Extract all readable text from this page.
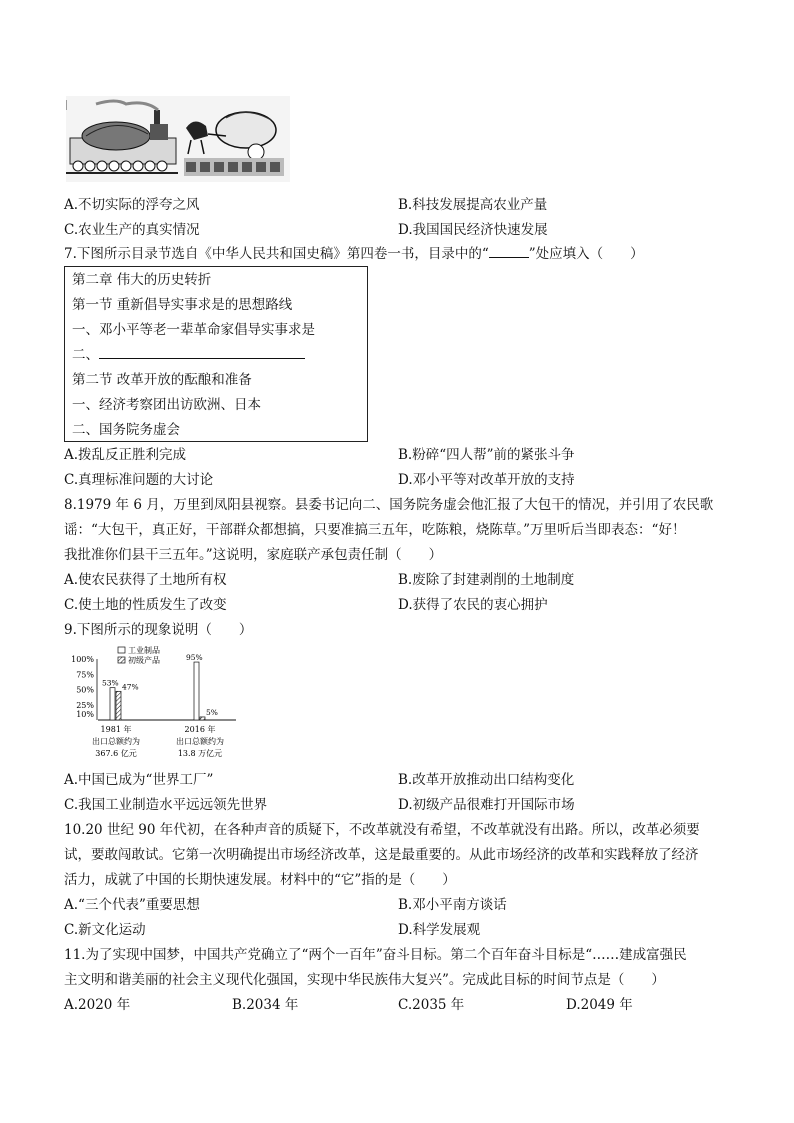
A.不切实际的浮夸之风	B.科技发展提高农业产量
C.农业生产的真实情况	D.我国国民经济快速发展
7.下图所示目录节选自《中华人民共和国史稿》第四卷一书，目录中的“	”处应填入（　　）
第二章 伟大的历史转折
第一节 重新倡导实事求是的思想路线
一、邓小平等老一辈革命家倡导实事求是
二、
第二节 改革开放的酝酿和准备
一、经济考察团出访欧洲、日本
二、国务院务虚会
A.拨乱反正胜利完成	B.粉碎“四人帮”前的紧张斗争
C.真理标准问题的大讨论	D.邓小平等对改革开放的支持
8.1979 年 6 月，万里到凤阳县视察。县委书记向二、国务院务虚会他汇报了大包干的情况，并引用了农民歌
谣：“大包干，真正好，干部群众都想搞，只要准搞三五年，吃陈粮，烧陈草。”万里听后当即表态：“好！
我批准你们县干三五年。”这说明，家庭联产承包责任制（　　）
A.使农民获得了土地所有权	B.废除了封建剥削的土地制度
C.使土地的性质发生了改变	D.获得了农民的衷心拥护
9.下图所示的现象说明（　　）
10%
25%
50%
75%
100%
工业制品
初级产品
53% 47%
95%
5%
1981 年
出口总额约为
367.6 亿元
2016 年
出口总额约为
13.8 万亿元
A.中国已成为“世界工厂”	B.改革开放推动出口结构变化
C.我国工业制造水平远远领先世界	D.初级产品很难打开国际市场
10.20 世纪 90 年代初，在各种声音的质疑下，不改革就没有希望，不改革就没有出路。所以，改革必须要
试，要敢闯敢试。它第一次明确提出市场经济改革，这是最重要的。从此市场经济的改革和实践释放了经济
活力，成就了中国的长期快速发展。材料中的“它”指的是（　　）
A.“三个代表”重要思想	B.邓小平南方谈话
C.新文化运动	D.科学发展观
11.为了实现中国梦，中国共产党确立了“两个一百年”奋斗目标。第二个百年奋斗目标是“……建成富强民
主文明和谐美丽的社会主义现代化强国，实现中华民族伟大复兴”。完成此目标的时间节点是（　　）
A.2020 年	B.2034 年	C.2035 年	D.2049 年
